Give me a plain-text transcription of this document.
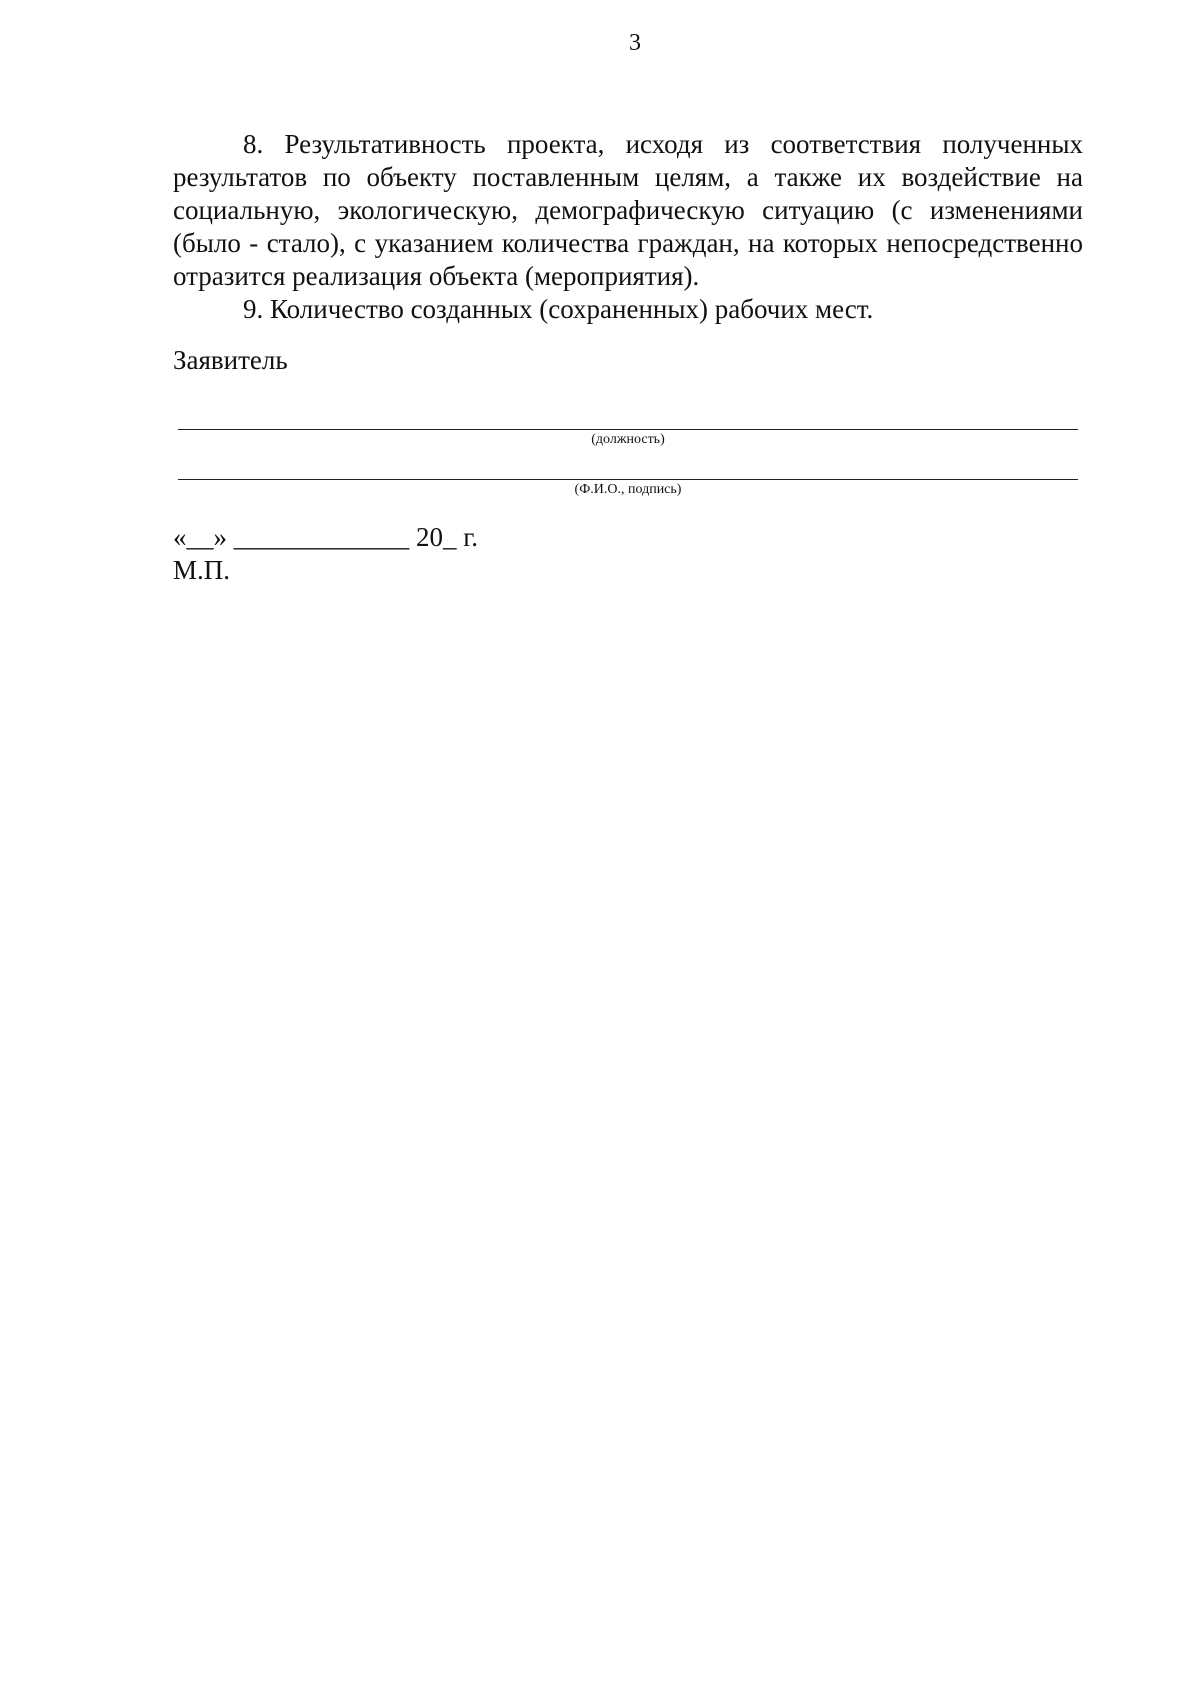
3

8. Результативность проекта, исходя из соответствия полученных результатов по объекту поставленным целям, а также их воздействие на социальную, экологическую, демографическую ситуацию (с изменениями (было - стало), с указанием количества граждан, на которых непосредственно отразится реализация объекта (мероприятия).

9. Количество созданных (сохраненных) рабочих мест.

Заявитель
(должность)
(Ф.И.О., подпись)
«__» _____________ 20_ г.
М.П.
